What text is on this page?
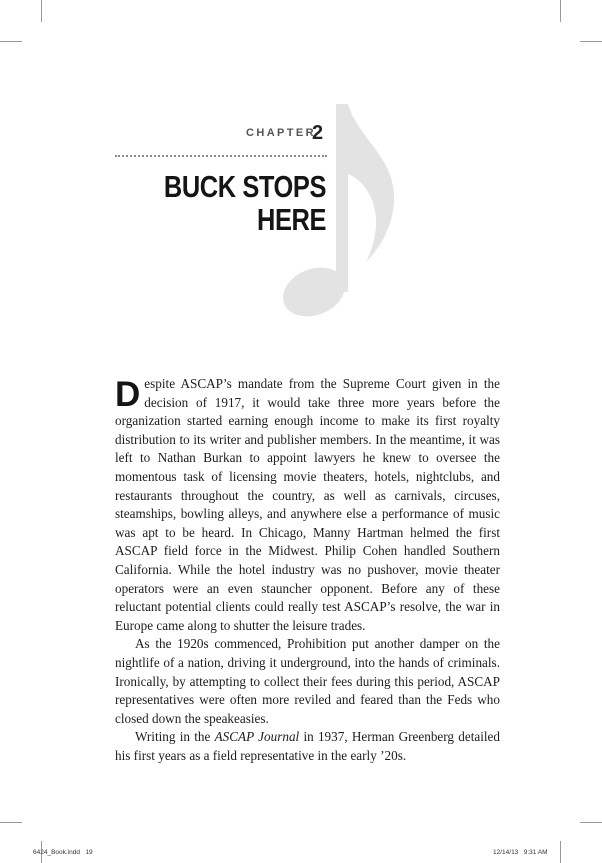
CHAPTER
2
BUCK STOPS
HERE

Despite ASCAP’s mandate from the Supreme Court given in the decision of 1917, it would take three more years before the organization started earning enough income to make its first royalty distribution to its writer and publisher members. In the meantime, it was left to Nathan Burkan to appoint lawyers he knew to oversee the momentous task of licensing movie theaters, hotels, nightclubs, and restaurants throughout the country, as well as carnivals, circuses, steamships, bowling alleys, and anywhere else a performance of music was apt to be heard. In Chicago, Manny Hartman helmed the first ASCAP field force in the Midwest. Philip Cohen handled Southern California. While the hotel industry was no pushover, movie theater operators were an even stauncher opponent. Before any of these reluctant potential clients could really test ASCAP’s resolve, the war in Europe came along to shutter the leisure trades.

As the 1920s commenced, Prohibition put another damper on the nightlife of a nation, driving it underground, into the hands of criminals. Ironically, by attempting to collect their fees during this period, ASCAP representatives were often more reviled and feared than the Feds who closed down the speakeasies.

Writing in the ASCAP Journal in 1937, Herman Greenberg detailed his first years as a field representative in the early ’20s.

6424_Book.indd   19	12/14/13   9:31 AM
